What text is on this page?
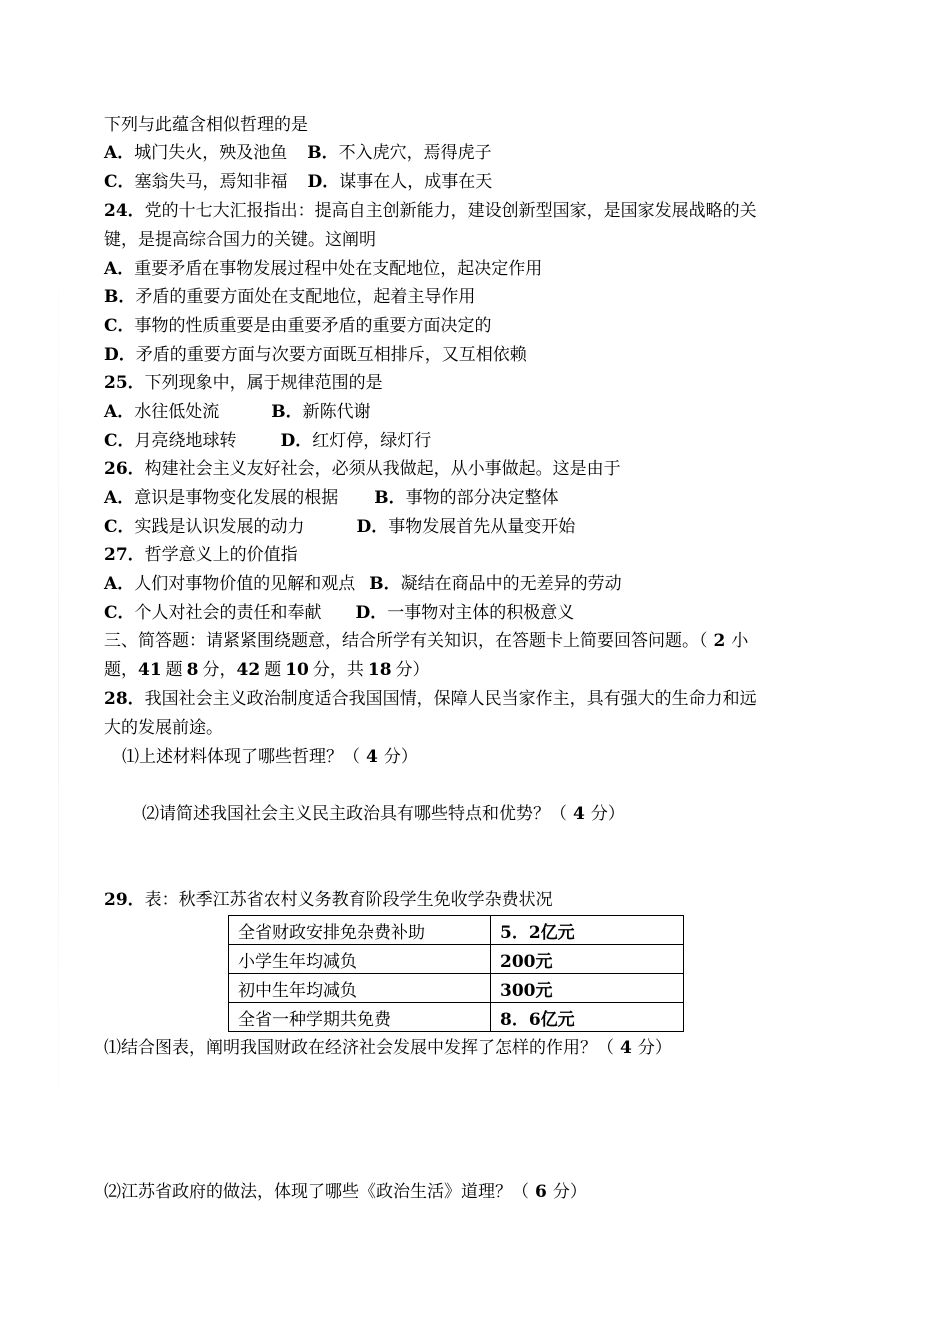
下列与此蕴含相似哲理的是

A．城门失火，殃及池鱼 B．不入虎穴，焉得虎子

C．塞翁失马，焉知非福 D．谋事在人，成事在天

24．党的十七大汇报指出：提高自主创新能力，建设创新型国家，是国家发展战略的关

键，是提高综合国力的关键。这阐明

A．重要矛盾在事物发展过程中处在支配地位，起决定作用

B．矛盾的重要方面处在支配地位，起着主导作用

C．事物的性质重要是由重要矛盾的重要方面决定的

D．矛盾的重要方面与次要方面既互相排斥，又互相依赖

25．下列现象中，属于规律范围的是

A．水往低处流	B．新陈代谢

C．月亮绕地球转	D．红灯停，绿灯行

26．构建社会主义友好社会，必须从我做起，从小事做起。这是由于

A．意识是事物变化发展的根据 B．事物的部分决定整体

C．实践是认识发展的动力	D．事物发展首先从量变开始

27．哲学意义上的价值指

A．人们对事物价值的见解和观点 B．凝结在商品中的无差异的劳动

C．个人对社会的责任和奉献 D．一事物对主体的积极意义

三、简答题：请紧紧围绕题意，结合所学有关知识，在答题卡上简要回答问题。（ 2 小

题，41 题 8 分，42 题 10 分，共 18 分）

28．我国社会主义政治制度适合我国国情，保障人民当家作主，具有强大的生命力和远

大的发展前途。

⑴上述材料体现了哪些哲理？（ 4 分）

⑵请简述我国社会主义民主政治具有哪些特点和优势？（ 4 分）

29．表：秋季江苏省农村义务教育阶段学生免收学杂费状况

全省财政安排免杂费补助	5．2亿元
小学生年均减负	200元
初中生年均减负	300元
全省一种学期共免费	8．6亿元

⑴结合图表，阐明我国财政在经济社会发展中发挥了怎样的作用？（ 4 分）

⑵江苏省政府的做法，体现了哪些《政治生活》道理？（ 6 分）
